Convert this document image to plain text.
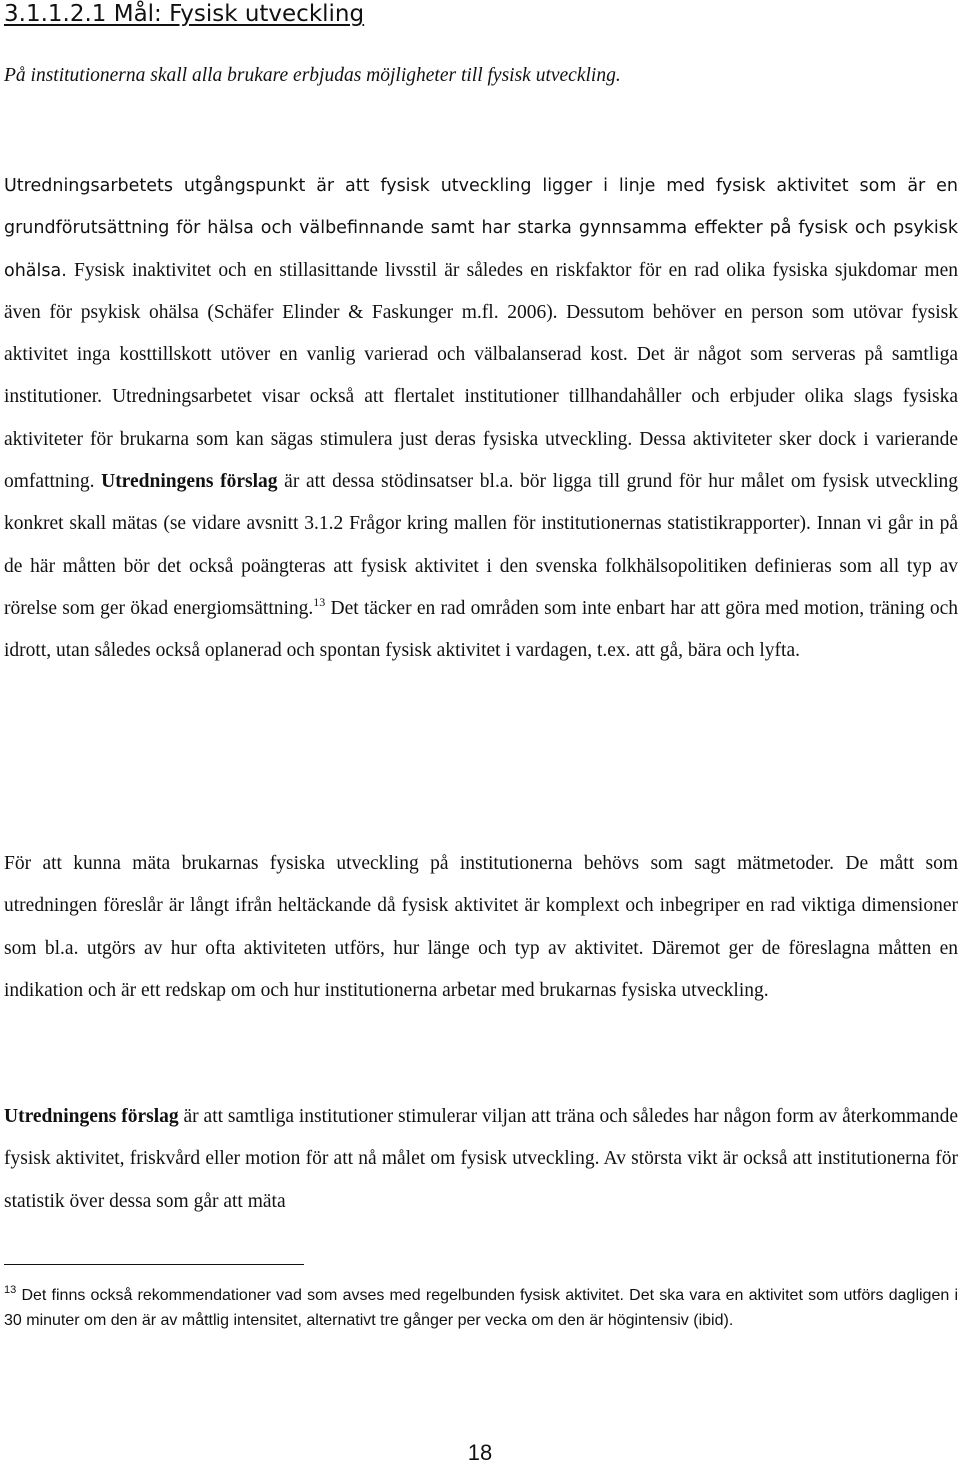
3.1.1.2.1 Mål: Fysisk utveckling

På institutionerna skall alla brukare erbjudas möjligheter till fysisk utveckling.

Utredningsarbetets utgångspunkt är att fysisk utveckling ligger i linje med fysisk aktivitet som är en grundförutsättning för hälsa och välbefinnande samt har starka gynnsamma effekter på fysisk och psykisk ohälsa. Fysisk inaktivitet och en stillasittande livsstil är således en riskfaktor för en rad olika fysiska sjukdomar men även för psykisk ohälsa (Schäfer Elinder & Faskunger m.fl. 2006). Dessutom behöver en person som utövar fysisk aktivitet inga kosttillskott utöver en vanlig varierad och välbalanserad kost. Det är något som serveras på samtliga institutioner. Utredningsarbetet visar också att flertalet institutioner tillhandahåller och erbjuder olika slags fysiska aktiviteter för brukarna som kan sägas stimulera just deras fysiska utveckling. Dessa aktiviteter sker dock i varierande omfattning. Utredningens förslag är att dessa stödinsatser bl.a. bör ligga till grund för hur målet om fysisk utveckling konkret skall mätas (se vidare avsnitt 3.1.2 Frågor kring mallen för institutionernas statistikrapporter). Innan vi går in på de här måtten bör det också poängteras att fysisk aktivitet i den svenska folkhälsopolitiken definieras som all typ av rörelse som ger ökad energiomsättning.$^{13}$ Det täcker en rad områden som inte enbart har att göra med motion, träning och idrott, utan således också oplanerad och spontan fysisk aktivitet i vardagen, t.ex. att gå, bära och lyfta.

För att kunna mäta brukarnas fysiska utveckling på institutionerna behövs som sagt mätmetoder. De mått som utredningen föreslår är långt ifrån heltäckande då fysisk aktivitet är komplext och inbegriper en rad viktiga dimensioner som bl.a. utgörs av hur ofta aktiviteten utförs, hur länge och typ av aktivitet. Däremot ger de föreslagna måtten en indikation och är ett redskap om och hur institutionerna arbetar med brukarnas fysiska utveckling.

Utredningens förslag är att samtliga institutioner stimulerar viljan att träna och således har någon form av återkommande fysisk aktivitet, friskvård eller motion för att nå målet om fysisk utveckling. Av största vikt är också att institutionerna för statistik över dessa som går att mäta

$^{13}$ Det finns också rekommendationer vad som avses med regelbunden fysisk aktivitet. Det ska vara en aktivitet som utförs dagligen i 30 minuter om den är av måttlig intensitet, alternativt tre gånger per vecka om den är högintensiv (ibid).

18
